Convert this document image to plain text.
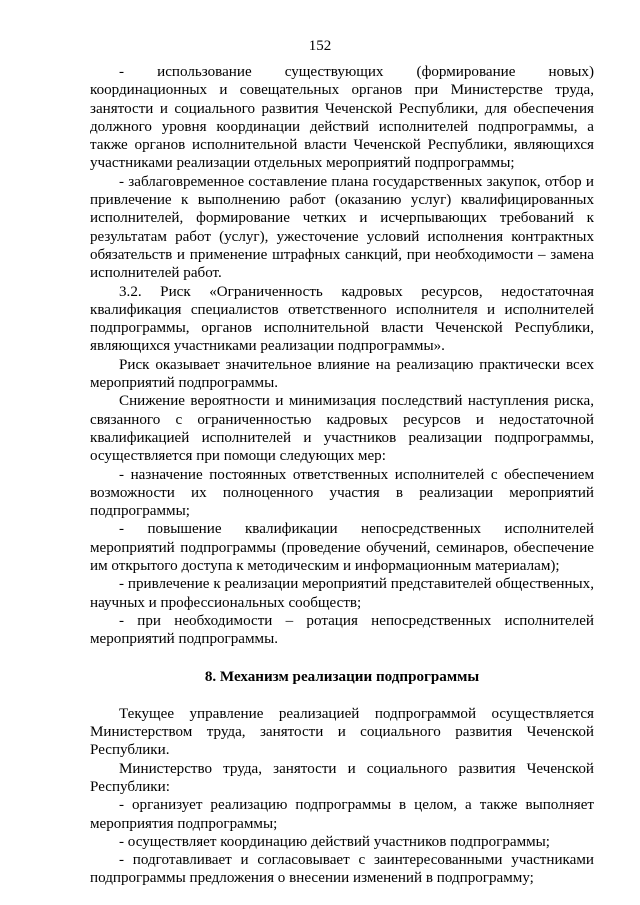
152

- использование существующих (формирование новых) координационных и совещательных органов при Министерстве труда, занятости и социального развития Чеченской Республики, для обеспечения должного уровня координации действий исполнителей подпрограммы, а также органов исполнительной власти Чеченской Республики, являющихся участниками реализации отдельных мероприятий подпрограммы;

- заблаговременное составление плана государственных закупок, отбор и привлечение к выполнению работ (оказанию услуг) квалифицированных исполнителей, формирование четких и исчерпывающих требований к результатам работ (услуг), ужесточение условий исполнения контрактных обязательств и применение штрафных санкций, при необходимости – замена исполнителей работ.

3.2. Риск «Ограниченность кадровых ресурсов, недостаточная квалификация специалистов ответственного исполнителя и исполнителей подпрограммы, органов исполнительной власти Чеченской Республики, являющихся участниками реализации подпрограммы».

Риск оказывает значительное влияние на реализацию практически всех мероприятий подпрограммы.

Снижение вероятности и минимизация последствий наступления риска, связанного с ограниченностью кадровых ресурсов и недостаточной квалификацией исполнителей и участников реализации подпрограммы, осуществляется при помощи следующих мер:

- назначение постоянных ответственных исполнителей с обеспечением возможности их полноценного участия в реализации мероприятий подпрограммы;

- повышение квалификации непосредственных исполнителей мероприятий подпрограммы (проведение обучений, семинаров, обеспечение им открытого доступа к методическим и информационным материалам);

- привлечение к реализации мероприятий представителей общественных, научных и профессиональных сообществ;

- при необходимости – ротация непосредственных исполнителей мероприятий подпрограммы.

8. Механизм реализации подпрограммы

Текущее управление реализацией подпрограммой осуществляется Министерством труда, занятости и социального развития Чеченской Республики.

Министерство труда, занятости и социального развития Чеченской Республики:

- организует реализацию подпрограммы в целом, а также выполняет мероприятия подпрограммы;

- осуществляет координацию действий участников подпрограммы;

- подготавливает и согласовывает с заинтересованными участниками подпрограммы предложения о внесении изменений в подпрограмму;
